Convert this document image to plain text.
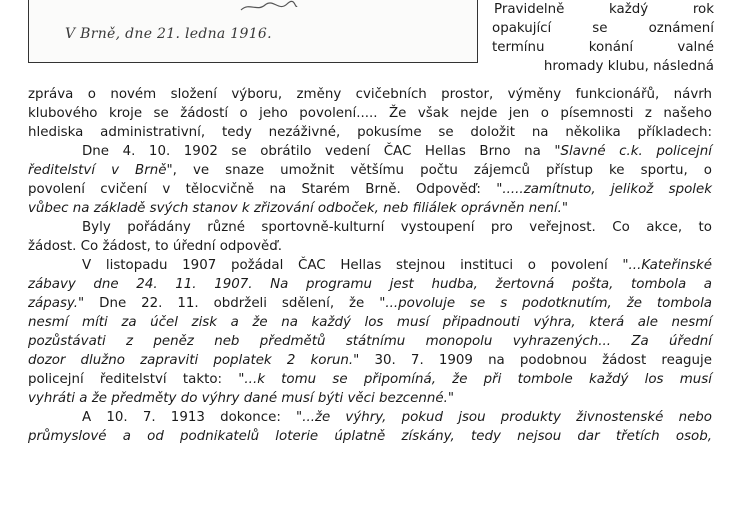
V Brně, dne 21. ledna 1916.
Pravidelně každý rok
opakující se oznámení
termínu konání valné
hromady klubu, následná
zpráva o novém složení výboru, změny cvičebních prostor, výměny funkcionářů, návrh
klubového kroje se žádostí o jeho povolení..... Že však nejde jen o písemnosti z našeho
hlediska administrativní, tedy nezáživné, pokusíme se doložit na několika příkladech:
Dne 4. 10. 1902 se obrátilo vedení ČAC Hellas Brno na "Slavné c.k. policejní
ředitelství v Brně", ve snaze umožnit většímu počtu zájemců přístup ke sportu, o
povolení cvičení v tělocvičně na Starém Brně. Odpověď: ".....zamítnuto, jelikož spolek
vůbec na základě svých stanov k zřizování odboček, neb filiálek oprávněn není."
Byly pořádány různé sportovně-kulturní vystoupení pro veřejnost. Co akce, to
žádost. Co žádost, to úřední odpověď.
V listopadu 1907 požádal ČAC Hellas stejnou instituci o povolení "...Kateřinské
zábavy dne 24. 11. 1907. Na programu jest hudba, žertovná pošta, tombola a
zápasy." Dne 22. 11. obdrželi sdělení, že "...povoluje se s podotknutím, že tombola
nesmí míti za účel zisk a že na každý los musí připadnouti výhra, která ale nesmí
pozůstávati z peněz neb předmětů státnímu monopolu vyhrazených... Za úřední
dozor dlužno zapraviti poplatek 2 korun." 30. 7. 1909 na podobnou žádost reaguje
policejní ředitelství takto: "...k tomu se připomíná, že při tombole každý los musí
vyhráti a že předměty do výhry dané musí býti věci bezcenné."
A 10. 7. 1913 dokonce: "...že výhry, pokud jsou produkty živnostenské nebo
průmyslové a od podnikatelů loterie úplatně získány, tedy nejsou dar třetích osob,
